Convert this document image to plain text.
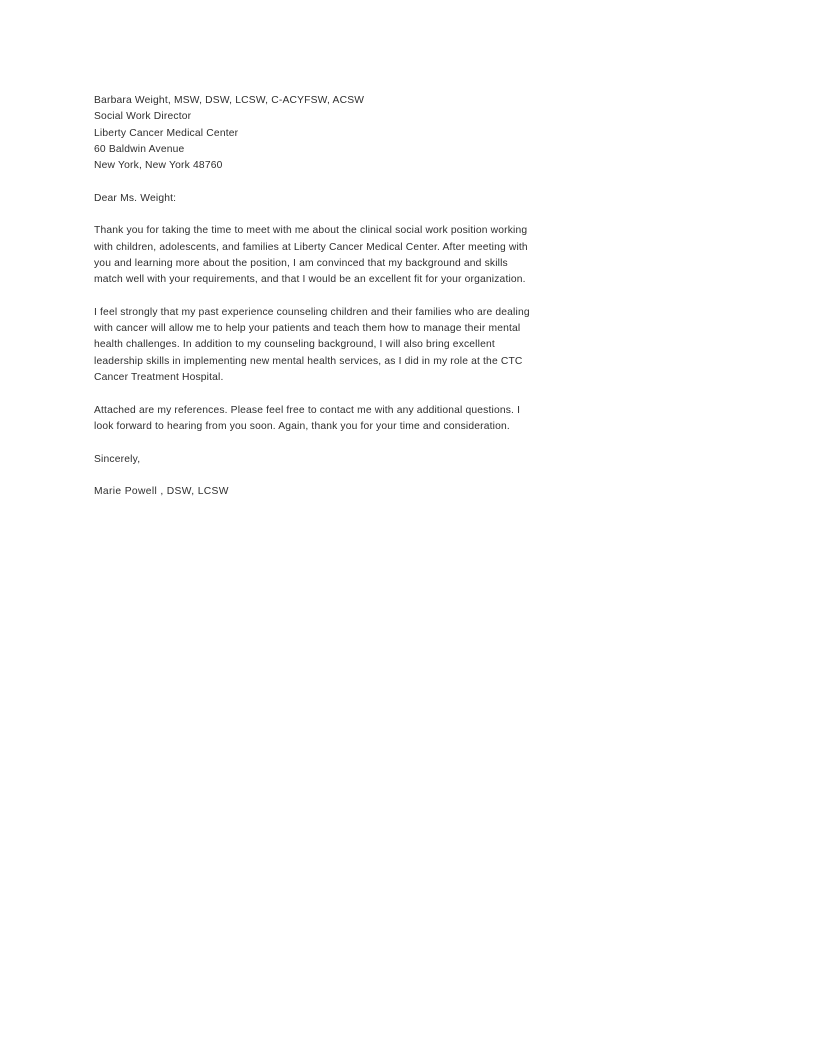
Barbara Weight, MSW, DSW, LCSW, C-ACYFSW, ACSW
Social Work Director
Liberty Cancer Medical Center
60 Baldwin Avenue
New York, New York 48760
Dear Ms. Weight:

Thank you for taking the time to meet with me about the clinical social work position working with children, adolescents, and families at Liberty Cancer Medical Center. After meeting with you and learning more about the position, I am convinced that my background and skills match well with your requirements, and that I would be an excellent fit for your organization.

I feel strongly that my past experience counseling children and their families who are dealing with cancer will allow me to help your patients and teach them how to manage their mental health challenges. In addition to my counseling background, I will also bring excellent leadership skills in implementing new mental health services, as I did in my role at the CTC Cancer Treatment Hospital.

Attached are my references. Please feel free to contact me with any additional questions. I look forward to hearing from you soon. Again, thank you for your time and consideration.

Sincerely,
Marie Powell , DSW, LCSW
